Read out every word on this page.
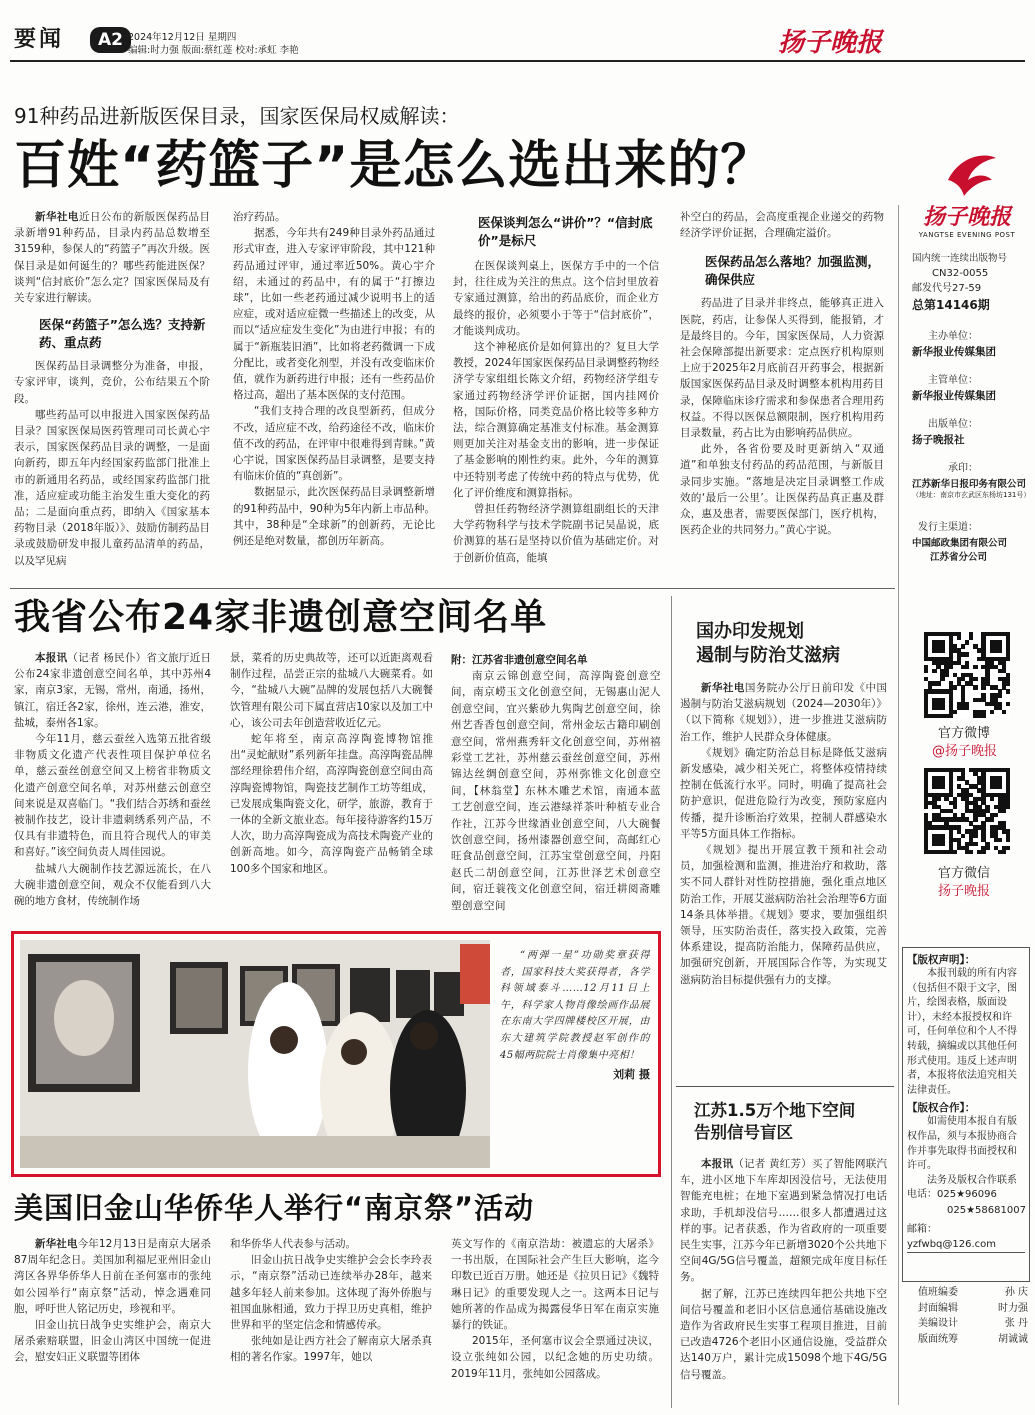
要闻	A2 2024年12月12日 星期四
编辑:时力强 版面:蔡红莲 校对:承虹 李艳	扬子晚报
91种药品进新版医保目录，国家医保局权威解读：
百姓“药篮子”是怎么选出来的？

新华社电近日公布的新版医保药品目录新增91种药品，目录内药品总数增至3159种，参保人的“药篮子”再次升级。医保目录是如何诞生的？哪些药能进医保？谈判“信封底价”怎么定？国家医保局及有关专家进行解读。

医保“药篮子”怎么选？支持新药、重点药

医保药品目录调整分为准备，申报，专家评审，谈判，竞价，公布结果五个阶段。

哪些药品可以申报进入国家医保药品目录？国家医保局医药管理司司长黄心宇表示，国家医保药品目录的调整，一是面向新药，即五年内经国家药监部门批准上市的新通用名药品，或经国家药监部门批准，适应症或功能主治发生重大变化的药品；二是面向重点药，即纳入《国家基本药物目录（2018年版）》、鼓励仿制药品目录或鼓励研发申报儿童药品清单的药品，以及罕见病

治疗药品。

据悉，今年共有249种目录外药品通过形式审查，进入专家评审阶段，其中121种药品通过评审，通过率近50%。黄心宇介绍，未通过的药品中，有的属于“打擦边球”，比如一些老药通过减少说明书上的适应症，或对适应症微一些描述上的改变，从而以“适应症发生变化”为由进行申报；有的属于“新瓶装旧酒”，比如将老药微调一下成分配比，或者变化剂型，并没有改变临床价值，就作为新药进行申报；还有一些药品价格过高，超出了基本医保的支付范围。

“我们支持合理的改良型新药，但成分不改，适应症不改，给药途径不改，临床价值不改的药品，在评审中很难得到青睐。”黄心宇说，国家医保药品目录调整，是要支持有临床价值的“真创新”。

数据显示，此次医保药品目录调整新增的91种药品中，90种为5年内新上市品种。其中，38种是“全球新”的创新药，无论比例还是绝对数量，都创历年新高。

医保谈判怎么“讲价”？“信封底价”是标尺

在医保谈判桌上，医保方手中的一个信封，往往成为关注的焦点。这个信封里放着专家通过测算，给出的药品底价，而企业方最终的报价，必须要小于等于“信封底价”，才能谈判成功。

这个神秘底价是如何算出的？复旦大学教授，2024年国家医保药品目录调整药物经济学专家组组长陈文介绍，药物经济学组专家通过药物经济学评价证据，国内挂网价格，国际价格，同类竞品价格比较等多种方法，综合测算确定基准支付标准。基金测算则更加关注对基金支出的影响，进一步保证了基金影响的刚性约束。此外，今年的测算中还特别考虑了传统中药的特点与优势，优化了评价维度和测算指标。

曾担任药物经济学测算组副组长的天津大学药物科学与技术学院副书记吴晶说，底价测算的基石是坚持以价值为基础定价。对于创新价值高，能填

补空白的药品，会高度重视企业递交的药物经济学评价证据，合理确定溢价。

医保药品怎么落地？加强监测，确保供应

药品进了目录并非终点，能够真正进入医院，药店，让参保人买得到，能报销，才是最终目的。今年，国家医保局，人力资源社会保障部提出新要求：定点医疗机构原则上应于2025年2月底前召开药事会，根据新版国家医保药品目录及时调整本机构用药目录，保障临床诊疗需求和参保患者合理用药权益。不得以医保总额限制，医疗机构用药目录数量，药占比为由影响药品供应。

此外，各省份要及时更新纳入“双通道”和单独支付药品的药品范围，与新版目录同步实施。“落地是决定目录调整工作成效的‘最后一公里’。让医保药品真正惠及群众，惠及患者，需要医保部门，医疗机构，医药企业的共同努力。”黄心宇说。

扬子晚报
YANGTSE EVENING POST
国内统一连续出版物号
CN32-0055
邮发代号27-59
总第14146期
主办单位：
新华报业传媒集团
主管单位：
新华报业传媒集团
出版单位：
扬子晚报社
承印：
江苏新华日报印务有限公司
（地址：南京市玄武区东杨坊131号）
发行主渠道：
中国邮政集团有限公司
江苏省分公司
官方微博
@扬子晚报
官方微信
扬子晚报
【版权声明】：
本报刊载的所有内容（包括但不限于文字，图片，绘图表格，版面设计），未经本报授权和许可，任何单位和个人不得转载，摘编或以其他任何形式使用。违反上述声明者，本报将依法追究相关法律责任。
【版权合作】：
如需使用本报自有版权作品，须与本报协商合作并事先取得书面授权和许可。
法务及版权合作联系电话：025★96096
025★58681007
邮箱：
yzfwbq@126.com
值班编委	孙 庆
封面编辑	时力强
美编设计	张 丹
版面统筹	胡诚诚
我省公布24家非遗创意空间名单

本报讯（记者 杨民仆）省文旅厅近日公布24家非遗创意空间名单，其中苏州4家，南京3家，无锡，常州，南通，扬州，镇江，宿迁各2家，徐州，连云港，淮安，盐城，泰州各1家。

今年11月，慈云蚕丝入选第五批省级非物质文化遗产代表性项目保护单位名单，慈云蚕丝创意空间又上榜省非物质文化遗产创意空间名单，对苏州慈云创意空间来说是双喜临门。“我们结合苏绣和蚕丝被制作技艺，设计非遗刺绣系列产品，不仅具有非遗特色，而且符合现代人的审美和喜好。”该空间负责人周佳园说。

盐城八大碗制作技艺源远流长，在八大碗非遗创意空间，观众不仅能看到八大碗的地方食材，传统制作场

景，菜肴的历史典故等，还可以近距离观看制作过程，品尝正宗的盐城八大碗菜肴。如今，“盐城八大碗”品牌的发展包括八大碗餐饮管理有限公司下属直营店10家以及加工中心，该公司去年创造营收近亿元。

蛇年将至，南京高淳陶瓷博物馆推出“灵蛇献财”系列新年挂盘。高淳陶瓷品牌部经理徐碧伟介绍，高淳陶瓷创意空间由高淳陶瓷博物馆，陶瓷技艺制作工坊等组成，已发展成集陶瓷文化，研学，旅游，教育于一体的全新文旅业态。每年接待游客约15万人次，助力高淳陶瓷成为高技术陶瓷产业的创新高地。如今，高淳陶瓷产品畅销全球100多个国家和地区。

附：江苏省非遗创意空间名单

南京云锦创意空间，高淳陶瓷创意空间，南京崂玉文化创意空间，无锡惠山泥人创意空间，宜兴紫砂九隽陶艺创意空间，徐州艺香香包创意空间，常州金坛古籍印刷创意空间，常州燕秀轩文化创意空间，苏州禧彩堂工艺社，苏州慈云蚕丝创意空间，苏州锦达丝绸创意空间，苏州弥锥文化创意空间，【林翁堂】东林木雕艺术馆，南通本蓝工艺创意空间，连云港绿祥茶叶种植专业合作社，江苏今世缘酒业创意空间，八大碗餐饮创意空间，扬州漆器创意空间，高邮红心旺食品创意空间，江苏宝堂创意空间，丹阳赵氏二胡创意空间，江苏世泽艺术创意空间，宿迁蓑筏文化创意空间，宿迁耕阅斋雕塑创意空间

“两弹一星”功勋奖章获得者，国家科技大奖获得者，各学科领域泰斗……12月11日上午，科学家人物肖像绘画作品展在东南大学四牌楼校区开展，由东大建筑学院教授赵军创作的45幅两院院士肖像集中亮相！

刘莉 摄
美国旧金山华侨华人举行“南京祭”活动

新华社电今年12月13日是南京大屠杀87周年纪念日。美国加利福尼亚州旧金山湾区各界华侨华人日前在圣何塞市的张纯如公园举行“南京祭”活动，悼念遇难同胞，呼吁世人铭记历史，珍视和平。

旧金山抗日战争史实维护会，南京大屠杀索赔联盟，旧金山湾区中国统一促进会，慰安妇正义联盟等团体

和华侨华人代表参与活动。

旧金山抗日战争史实维护会会长李玲表示，“南京祭”活动已连续举办28年，越来越多年轻人前来参加。这体现了海外侨胞与祖国血脉相通，致力于捍卫历史真相，维护世界和平的坚定信念和情感传承。

张纯如是让西方社会了解南京大屠杀真相的著名作家。1997年，她以

英文写作的《南京浩劫：被遗忘的大屠杀》一书出版，在国际社会产生巨大影响，迄今印数已近百万册。她还是《拉贝日记》《魏特琳日记》的重要发现人之一。这两本日记与她所著的作品成为揭露侵华日军在南京实施暴行的铁证。

2015年，圣何塞市议会全票通过决议，设立张纯如公园，以纪念她的历史功绩。2019年11月，张纯如公园落成。

国办印发规划
遏制与防治艾滋病

新华社电国务院办公厅日前印发《中国遏制与防治艾滋病规划（2024—2030年）》（以下简称《规划》），进一步推进艾滋病防治工作，维护人民群众身体健康。

《规划》确定防治总目标是降低艾滋病新发感染，减少相关死亡，将整体疫情持续控制在低流行水平。同时，明确了提高社会防护意识，促进危险行为改变，预防家庭内传播，提升诊断治疗效果，控制人群感染水平等5方面具体工作指标。

《规划》提出开展宣教干预和社会动员，加强检测和监测，推进治疗和救助，落实不同人群针对性防控措施，强化重点地区防治工作，开展艾滋病防治社会治理等6方面14条具体举措。《规划》要求，要加强组织领导，压实防治责任，落实投入政策，完善体系建设，提高防治能力，保障药品供应，加强研究创新，开展国际合作等，为实现艾滋病防治目标提供强有力的支撑。

江苏1.5万个地下空间
告别信号盲区

本报讯（记者 黄红芳）买了智能网联汽车，进小区地下车库却因没信号，无法使用智能充电桩；在地下室遇到紧急情况打电话求助，手机却没信号……很多人都遭遇过这样的事。记者获悉，作为省政府的一项重要民生实事，江苏今年已新增3020个公共地下空间4G/5G信号覆盖，超额完成年度目标任务。

据了解，江苏已连续四年把公共地下空间信号覆盖和老旧小区信息通信基础设施改造作为省政府民生实事工程项目推进，目前已改造4726个老旧小区通信设施，受益群众达140万户，累计完成15098个地下4G/5G信号覆盖。
